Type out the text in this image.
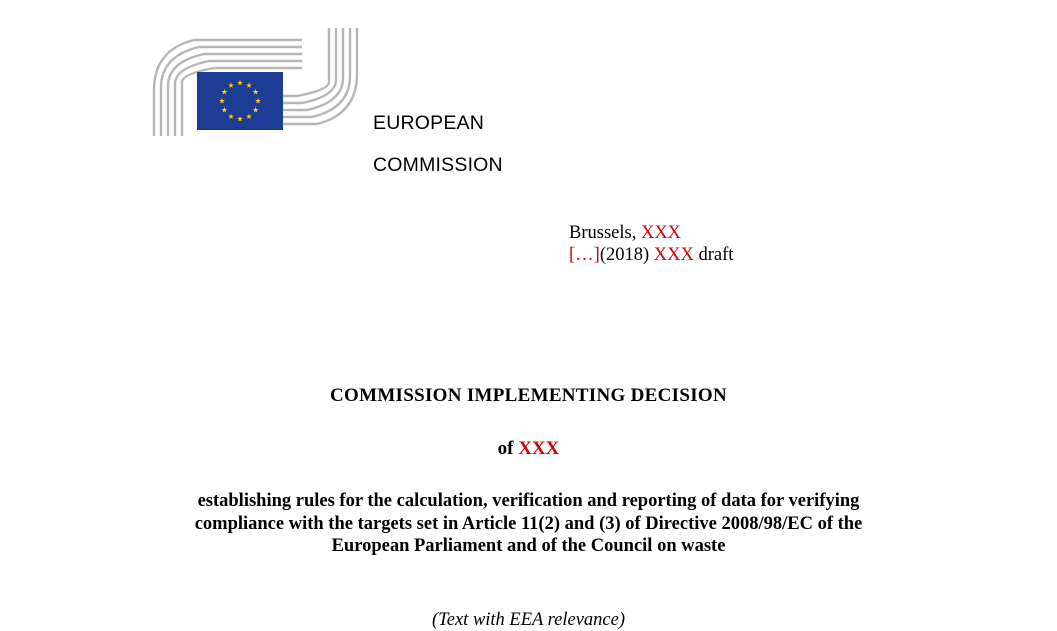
EUROPEAN

COMMISSION

Brussels, XXX
[…](2018) XXX draft
COMMISSION IMPLEMENTING DECISION
of XXX
establishing rules for the calculation, verification and reporting of data for verifying compliance with the targets set in Article 11(2) and (3) of Directive 2008/98/EC of the European Parliament and of the Council on waste
(Text with EEA relevance)
